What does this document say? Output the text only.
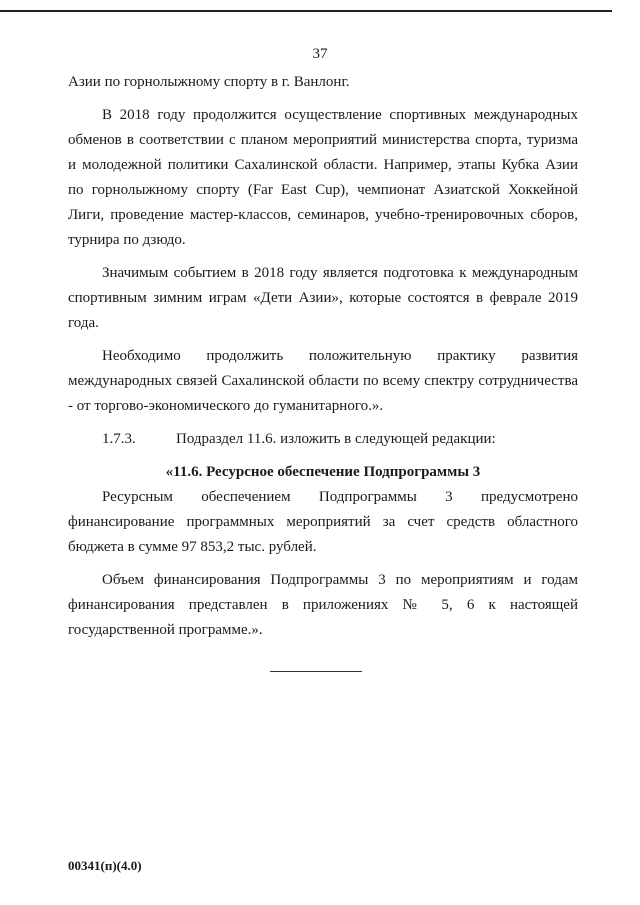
37

Азии по горнолыжному спорту в г. Ванлонг.

В 2018 году продолжится осуществление спортивных международных обменов в соответствии с планом мероприятий министерства спорта, туризма и молодежной политики Сахалинской области. Например, этапы Кубка Азии по горнолыжному спорту (Far East Cup), чемпионат Азиатской Хоккейной Лиги, проведение мастер-классов, семинаров, учебно-тренировочных сборов, турнира по дзюдо.

Значимым событием в 2018 году является подготовка к международным спортивным зимним играм «Дети Азии», которые состоятся в феврале 2019 года.

Необходимо продолжить положительную практику развития международных связей Сахалинской области по всему спектру сотрудничества - от торгово-экономического до гуманитарного.».

1.7.3.	Подраздел 11.6. изложить в следующей редакции:

«11.6. Ресурсное обеспечение Подпрограммы 3

Ресурсным обеспечением Подпрограммы 3 предусмотрено финансирование программных мероприятий за счет средств областного бюджета в сумме 97 853,2 тыс. рублей.

Объем финансирования Подпрограммы 3 по мероприятиям и годам финансирования представлен в приложениях № 5, 6 к настоящей государственной программе.».

00341(п)(4.0)
